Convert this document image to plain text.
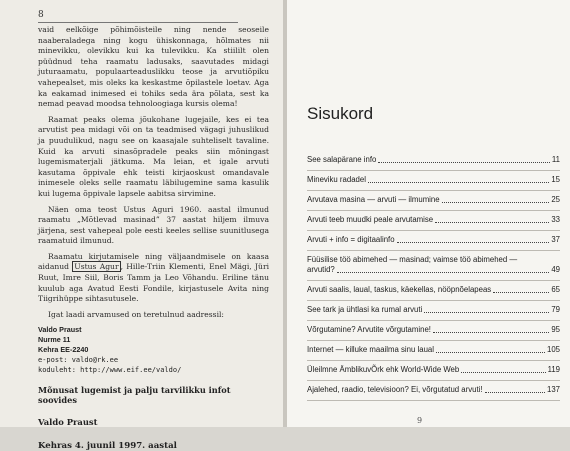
8

vaid eelkõige põhimõisteile ning nende seoseile naaberaladega ning kogu ühiskonnaga, hõlmates nii minevikku, olevikku kui ka tulevikku. Ka stiililt olen püüdnud teha raamatu ladusaks, saavutades midagi juturaamatu, populaarteaduslikku teose ja arvutiõpiku vahepealset, mis oleks ka keskastme õpilastele loetav. Aga ka eakamad inimesed ei tohiks seda ära põlata, sest ka nemad peavad moodsa tehnoloogiaga kursis olema!

Raamat peaks olema jõukohane lugejaile, kes ei tea arvutist pea midagi või on ta teadmised vägagi juhuslikud ja puudulikud, nagu see on kaasajale suhteliselt tavaline. Kuid ka arvuti sinasõpradele peaks siin mõningast lugemismaterjali jätkuma. Ma leian, et igale arvuti kasutama õppivale ehk teisti kirjaoskust omandavale inimesele oleks selle raamatu läbilugemine sama kasulik kui lugema õppivale lapsele aabitsa sirvimine.

Näen oma teost Ustus Aguri 1960. aastal ilmunud raamatu „Mõtlevad masinad” 37 aastat hiljem ilmuva järjena, sest vahepeal pole eesti keeles sellise suunitlusega raamatuid ilmunud.

Raamatu kirjutamisele ning väljaandmisele on kaasa aidanud Ustus Agur , Hille-Triin Klementi, Enel Mägi, Jüri Ruut, Imre Siil, Boris Tamm ja Leo Võhandu. Eriline tänu kuulub aga Avatud Eesti Fondile, kirjastusele Avita ning Tiigrihüppe sihtasutusele.

Igat laadi arvamused on teretulnud aadressil:

Valdo Praust
Nurme 11
Kehra EE-2240
e-post: valdo@rk.ee
koduleht: http://www.eif.ee/valdo/
Mõnusat lugemist ja palju tarvilikku infot soovides
Valdo Praust
Kehras 4. juunil 1997. aastal
Sisukord
See salapärane info	11
Mineviku radadel	15
Arvutava masina — arvuti — ilmumine	25
Arvuti teeb muudki peale arvutamise	33
Arvuti + info = digitaalinfo	37
Füüsilise töö abimehed — masinad; vaimse töö abimehed —
arvutid?	49
Arvuti saalis, laual, taskus, käekellas, nööpnõelapeas	65
See tark ja ühtlasi ka rumal arvuti	79
Võrgutamine? Arvutite võrgutamine!	95
Internet — killuke maailma sinu laual	105
Üleilmne ÄmblikuvÕrk ehk World-Wide Web	119
Ajalehed, raadio, televisioon? Ei, võrgutatud arvuti!	137
9
